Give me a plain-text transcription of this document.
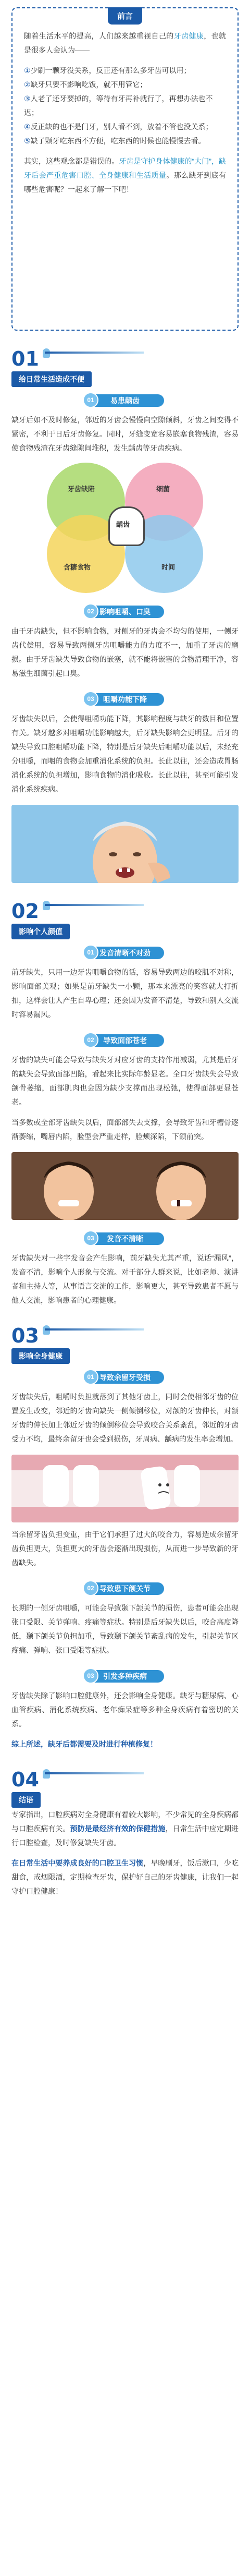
前言

随着生活水平的提高，人们越来越重视自己的牙齿健康，也就是很多人会认为——

①少刷一颗牙没关系，反正还有那么多牙齿可以用；
②缺牙只要不影响吃饭，就不用管它；
③人老了还牙要掉的，等待有牙再补就行了，再想办法也不迟；
④反正缺的也不是门牙，别人看不到，放着不管也没关系；
⑤缺了颗牙吃东西不方便，吃东西的时候也能慢慢去看。

其实，这些观念都是错误的。牙齿是守护身体健康的“大门”，缺牙后会严重危害口腔、全身健康和生活质量。那么缺牙到底有哪些危害呢？一起来了解一下吧！

01
给日常生活造成不便
易患龋齿
01

缺牙后如不及时修复，邻近的牙齿会慢慢向空隙倾斜，牙齿之间变得不紧密，不利于日后牙齿修复。同时，牙缝变宽容易嵌塞食物残渣，容易使食物残渣在牙齿缝隙间堆积，发生龋齿等牙齿疾病。

牙齿缺陷	细菌
龋齿
含糖食物	时间
影响咀嚼、口臭
02

由于牙齿缺失，但不影响食物，对侧牙的牙齿会不均匀的使用，一侧牙齿代偿用，容易导致两侧牙齿咀嚼能力的力度不一，加重了牙齿的磨损。由于牙齿缺失导致食物的嵌塞，就不能将嵌塞的食物清理干净，容易滋生细菌引起口臭。

咀嚼功能下降
03

牙齿缺失以后，会使得咀嚼功能下降，其影响程度与缺牙的数目和位置有关。缺牙越多对咀嚼功能影响越大，后牙缺失影响会更明显。后牙的缺失导致口腔咀嚼功能下降，特别是后牙缺失后咀嚼功能以后，未经充分咀嚼，而咽的食物会加重消化系统的负担。长此以往，还会造成胃肠消化系统的负担增加，影响食物的消化吸收。长此以往，甚至可能引发消化系统疾病。

02
影响个人颜值
发音清晰不对劲
01

前牙缺失，只用一边牙齿咀嚼食物的话，容易导致两边的咬肌不对称，影响面部美观；如果是前牙缺失一小颗，那本来漂亮的笑容就大打折扣，这样会让人产生自卑心理；还会因为发音不清楚，导致和别人交流时容易漏风。

导致面部苍老
02

牙齿的缺失可能会导致与缺失牙对应牙齿的支持作用减弱，尤其是后牙的缺失会导致面部凹陷，看起来比实际年龄显老。全口牙齿缺失会导致颌骨萎缩，面部肌肉也会因为缺少支撑而出现松弛，使得面部更显苍老。

当多数或全部牙齿缺失以后，面部部失去支撑，会导致牙齿和牙槽骨逐渐萎缩，嘴唇内陷，脸型会严重走样，脸颊深陷，下颌前突。

发音不清晰
03

牙齿缺失对一些字发音会产生影响，前牙缺失尤其严重，说话“漏风”，发音不清，影响个人形象与交流。对于部分人群来说，比如老师、演讲者和主持人等，从事语言交流的工作，影响更大，甚至导致患者不愿与他人交流，影响患者的心理健康。

03
影响全身健康
导致余留牙受损
01

牙齿缺失后，咀嚼时负担就落到了其他牙齿上，同时会使相邻牙齿的位置发生改变，邻近的牙齿向缺失一侧倾倒移位，对颌的牙齿伸长，对颌牙齿的伸长加上邻近牙齿的倾倒移位会导致咬合关系紊乱，邻近的牙齿受力不均，最终余留牙也会受到损伤，牙周病、龋病的发生率会增加。

当余留牙齿负担变重，由于它们承担了过大的咬合力，容易造成余留牙齿负担更大，负担更大的牙齿会逐渐出现损伤，从而进一步导致新的牙齿缺失。

导致患下颌关节
02

长期的一侧牙齿咀嚼，可能会导致颞下颌关节的损伤，患者可能会出现张口受限、关节弹响、疼痛等症状。特别是后牙缺失以后，咬合高度降低，颞下颌关节负担加重，导致颞下颌关节紊乱病的发生，引起关节区疼痛、弹响、张口受限等症状。

引发多种疾病
03

牙齿缺失除了影响口腔健康外，还会影响全身健康。缺牙与糖尿病、心血管疾病、消化系统疾病、老年痴呆症等多种全身疾病有着密切的关系。

综上所述，缺牙后都需要及时进行种植修复！
04
结语

专家指出，口腔疾病对全身健康有着较大影响，不少常见的全身疾病都与口腔疾病有关。预防是最经济有效的保健措施，日常生活中应定期进行口腔检查，及时修复缺失牙齿。

在日常生活中要养成良好的口腔卫生习惯，早晚刷牙，饭后漱口，少吃甜食，戒烟限酒，定期检查牙齿，保护好自己的牙齿健康，让我们一起守护口腔健康！
